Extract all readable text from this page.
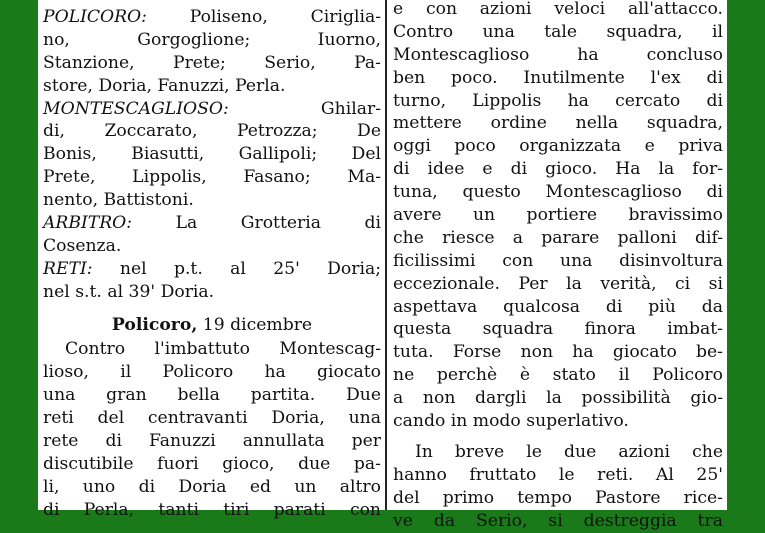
POLICORO: Poliseno, Cirigliа-
no, Gorgoglione; Iuorno,
Stanzione, Prete; Serio, Pa-
store, Doria, Fanuzzi, Perla.
MONTESCAGLIOSO: Ghilar-
di, Zoccarato, Petrozza; De
Bonis, Biasutti, Gallipoli; Del
Prete, Lippolis, Fasano; Ma-
nento, Battistoni.
ARBITRO: La Grotteria di
Cosenza.
RETI: nel p.t. al 25' Doria;
nel s.t. al 39' Doria.
Policoro, 19 dicembre
Contro l'imbattuto Montescag-
lioso, il Policoro ha giocato
una gran bella partita. Due
reti del centravanti Doria, una
rete di Fanuzzi annullata per
discutibile fuori gioco, due pa-
li, uno di Doria ed un altro
di Perla, tanti tiri parati con
e con azioni veloci all'attacco.
Contro una tale squadra, il
Montescaglioso ha concluso
ben poco. Inutilmente l'ex di
turno, Lippolis ha cercato di
mettere ordine nella squadra,
oggi poco organizzata e priva
di idee e di gioco. Ha la for-
tuna, questo Montescaglioso di
avere un portiere bravissimo
che riesce a parare palloni dif-
ficilissimi con una disinvoltura
eccezionale. Per la verità, ci si
aspettava qualcosa di più da
questa squadra finora imbat-
tuta. Forse non ha giocato be-
ne perchè è stato il Policoro
a non dargli la possibilità gio-
cando in modo superlativo.
In breve le due azioni che
hanno fruttato le reti. Al 25'
del primo tempo Pastore rice-
ve da Serio, si destreggia tra
